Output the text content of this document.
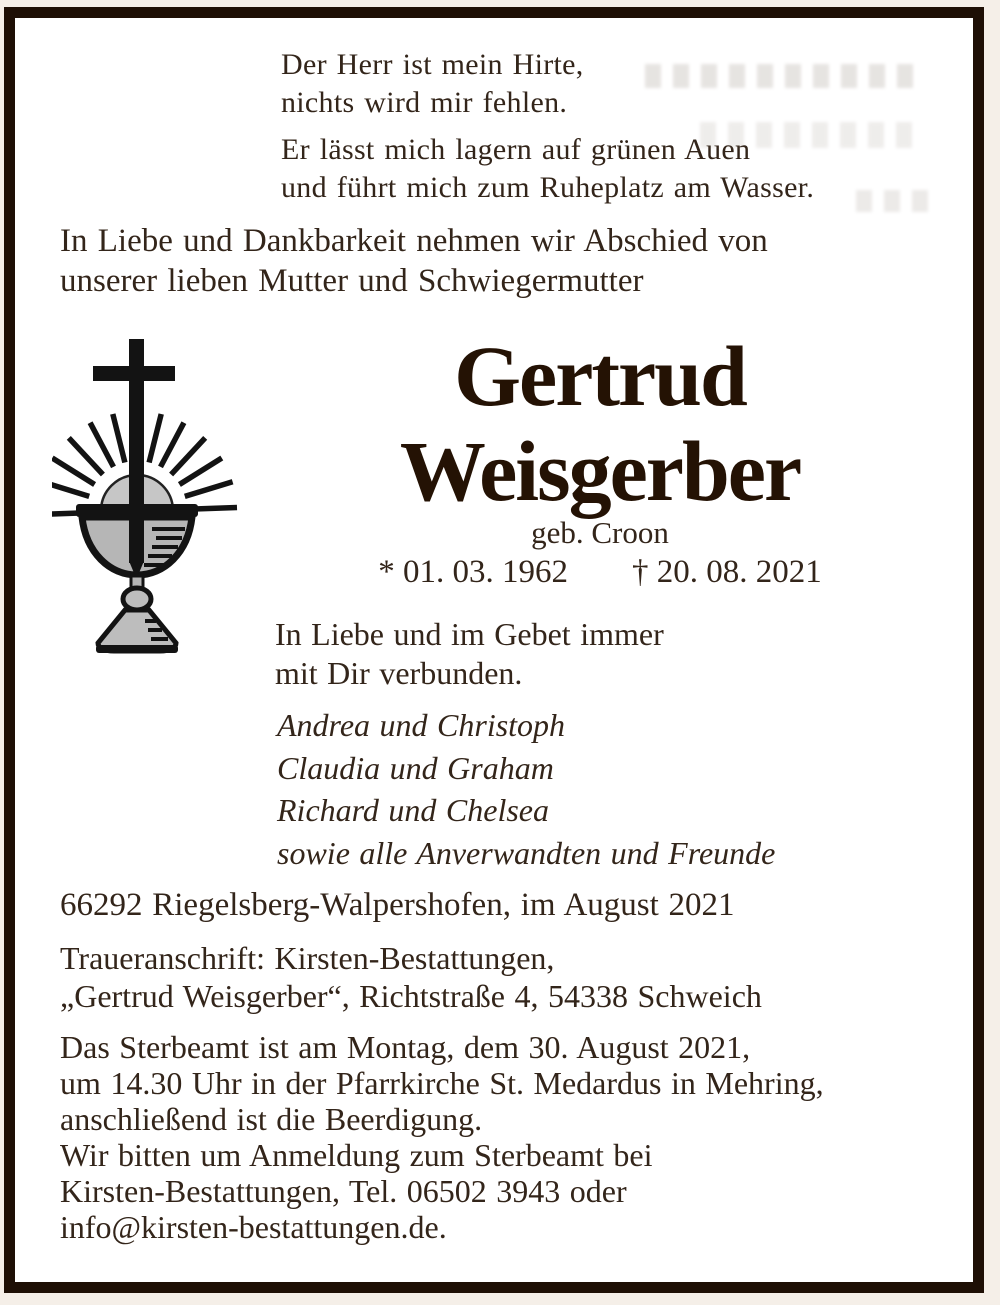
Der Herr ist mein Hirte,
nichts wird mir fehlen.
Er lässt mich lagern auf grünen Auen
und führt mich zum Ruheplatz am Wasser.
In Liebe und Dankbarkeit nehmen wir Abschied von
unserer lieben Mutter und Schwiegermutter
Gertrud
Weisgerber
geb. Croon
* 01. 03. 1962 † 20. 08. 2021
In Liebe und im Gebet immer
mit Dir verbunden.
Andrea und Christoph
Claudia und Graham
Richard und Chelsea
sowie alle Anverwandten und Freunde
66292 Riegelsberg-Walpershofen, im August 2021
Traueranschrift: Kirsten-Bestattungen,
„Gertrud Weisgerber“, Richtstraße 4, 54338 Schweich
Das Sterbeamt ist am Montag, dem 30. August 2021,
um 14.30 Uhr in der Pfarrkirche St. Medardus in Mehring,
anschließend ist die Beerdigung.
Wir bitten um Anmeldung zum Sterbeamt bei
Kirsten-Bestattungen, Tel. 06502 3943 oder
info@kirsten-bestattungen.de.
